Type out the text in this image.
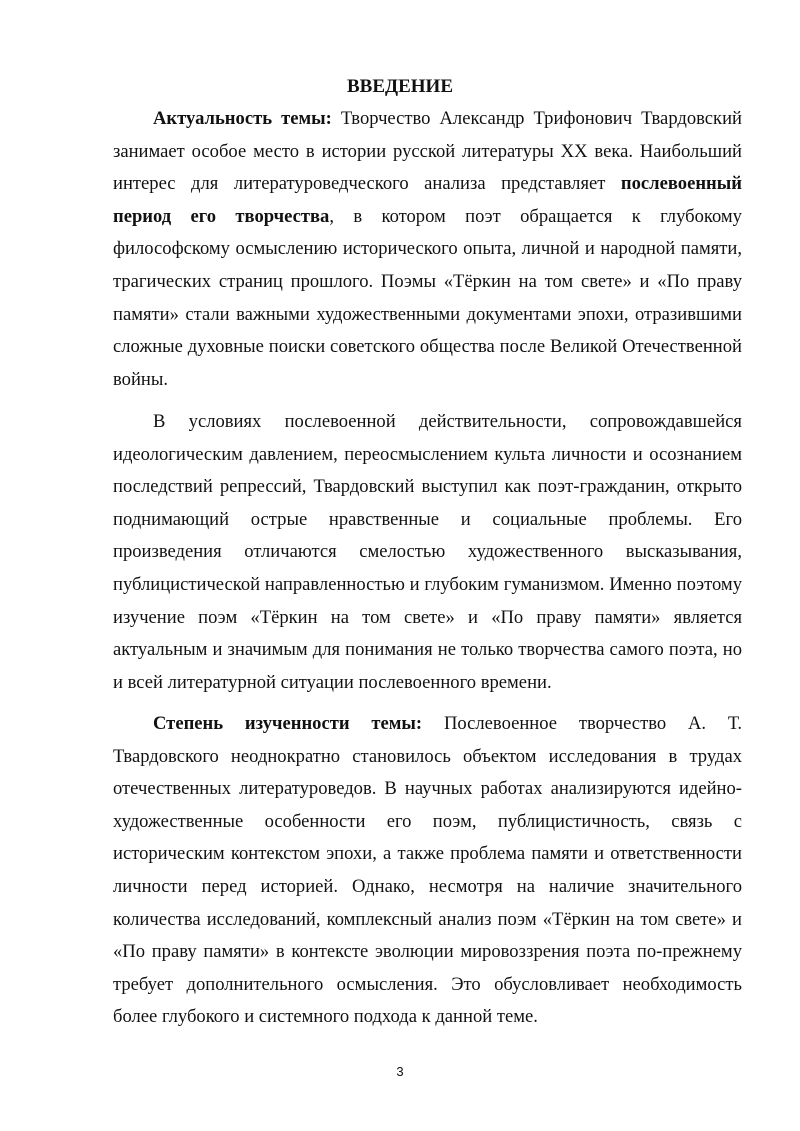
ВВЕДЕНИЕ

Актуальность темы: Творчество Александр Трифонович Твардовский занимает особое место в истории русской литературы XX века. Наибольший интерес для литературоведческого анализа представляет послевоенный период его творчества, в котором поэт обращается к глубокому философскому осмыслению исторического опыта, личной и народной памяти, трагических страниц прошлого. Поэмы «Тёркин на том свете» и «По праву памяти» стали важными художественными документами эпохи, отразившими сложные духовные поиски советского общества после Великой Отечественной войны.

В условиях послевоенной действительности, сопровождавшейся идеологическим давлением, переосмыслением культа личности и осознанием последствий репрессий, Твардовский выступил как поэт-гражданин, открыто поднимающий острые нравственные и социальные проблемы. Его произведения отличаются смелостью художественного высказывания, публицистической направленностью и глубоким гуманизмом. Именно поэтому изучение поэм «Тёркин на том свете» и «По праву памяти» является актуальным и значимым для понимания не только творчества самого поэта, но и всей литературной ситуации послевоенного времени.

Степень изученности темы: Послевоенное творчество А. Т. Твардовского неоднократно становилось объектом исследования в трудах отечественных литературоведов. В научных работах анализируются идейно-художественные особенности его поэм, публицистичность, связь с историческим контекстом эпохи, а также проблема памяти и ответственности личности перед историей. Однако, несмотря на наличие значительного количества исследований, комплексный анализ поэм «Тёркин на том свете» и «По праву памяти» в контексте эволюции мировоззрения поэта по-прежнему требует дополнительного осмысления. Это обусловливает необходимость более глубокого и системного подхода к данной теме.

3
